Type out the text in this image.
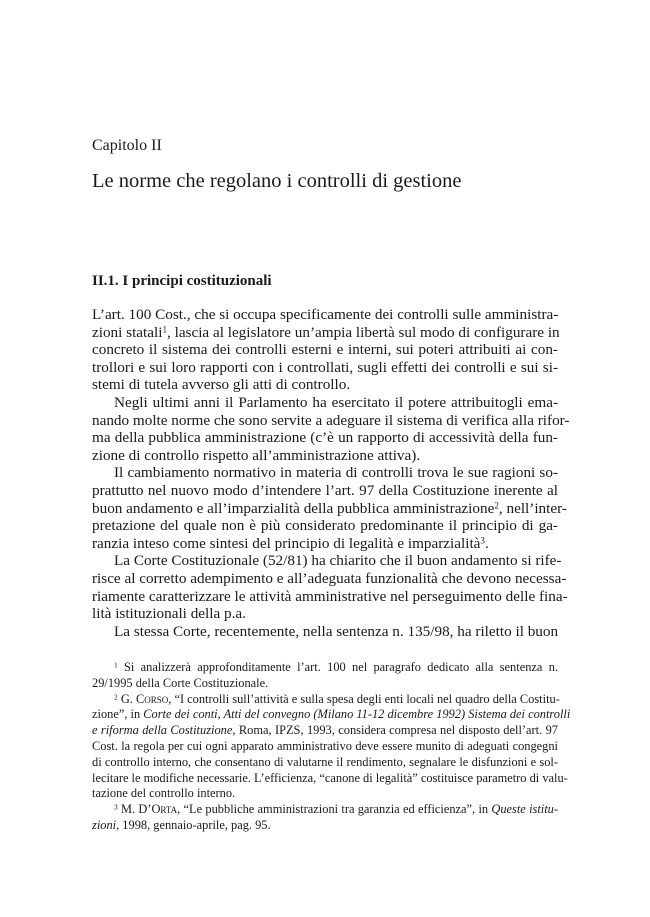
Capitolo II
Le norme che regolano i controlli di gestione
II.1. I principi costituzionali
L’art. 100 Cost., che si occupa specificamente dei controlli sulle amministra-
zioni statali$^1$, lascia al legislatore un’ampia libertà sul modo di configurare in
concreto il sistema dei controlli esterni e interni, sui poteri attribuiti ai con-
trollori e sui loro rapporti con i controllati, sugli effetti dei controlli e sui si-
stemi di tutela avverso gli atti di controllo.
Negli ultimi anni il Parlamento ha esercitato il potere attribuitogli ema-
nando molte norme che sono servite a adeguare il sistema di verifica alla rifor-
ma della pubblica amministrazione (c’è un rapporto di accessività della fun-
zione di controllo rispetto all’amministrazione attiva).
Il cambiamento normativo in materia di controlli trova le sue ragioni so-
prattutto nel nuovo modo d’intendere l’art. 97 della Costituzione inerente al
buon andamento e all’imparzialità della pubblica amministrazione$^2$, nell’inter-
pretazione del quale non è più considerato predominante il principio di ga-
ranzia inteso come sintesi del principio di legalità e imparzialità$^3$.
La Corte Costituzionale (52/81) ha chiarito che il buon andamento si rife-
risce al corretto adempimento e all’adeguata funzionalità che devono necessa-
riamente caratterizzare le attività amministrative nel perseguimento delle fina-
lità istituzionali della p.a.
La stessa Corte, recentemente, nella sentenza n. 135/98, ha riletto il buon
$^1$ Si analizzerà approfonditamente l’art. 100 nel paragrafo dedicato alla sentenza n.
29/1995 della Corte Costituzionale.
$^2$ G. Corso, “I controlli sull’attività e sulla spesa degli enti locali nel quadro della Costitu-
zione”, in Corte dei conti, Atti del convegno (Milano 11-12 dicembre 1992) Sistema dei controlli
e riforma della Costituzione, Roma, IPZS, 1993, considera compresa nel disposto dell’art. 97
Cost. la regola per cui ogni apparato amministrativo deve essere munito di adeguati congegni
di controllo interno, che consentano di valutarne il rendimento, segnalare le disfunzioni e sol-
lecitare le modifiche necessarie. L’efficienza, “canone di legalità” costituisce parametro di valu-
tazione del controllo interno.
$^3$ M. D’Orta, “Le pubbliche amministrazioni tra garanzia ed efficienza”, in Queste istitu-
zioni, 1998, gennaio-aprile, pag. 95.
